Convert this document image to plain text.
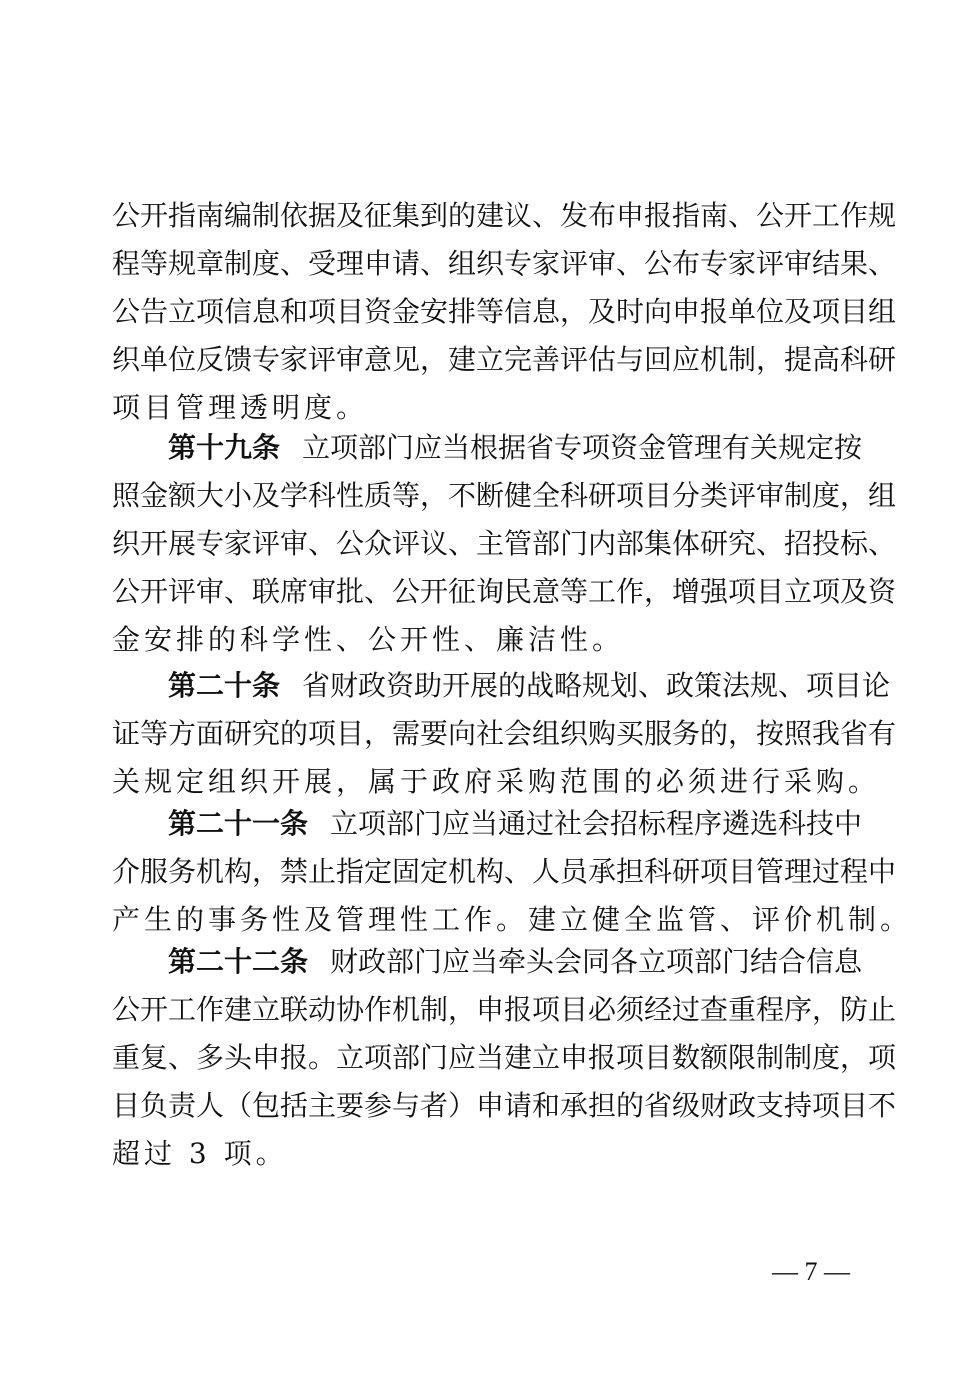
公开指南编制依据及征集到的建议、发布申报指南、公开工作规
程等规章制度、受理申请、组织专家评审、公布专家评审结果、
公告立项信息和项目资金安排等信息，及时向申报单位及项目组
织单位反馈专家评审意见，建立完善评估与回应机制，提高科研
项目管理透明度。
第十九条 立项部门应当根据省专项资金管理有关规定按
照金额大小及学科性质等，不断健全科研项目分类评审制度，组
织开展专家评审、公众评议、主管部门内部集体研究、招投标、
公开评审、联席审批、公开征询民意等工作，增强项目立项及资
金安排的科学性、公开性、廉洁性。
第二十条 省财政资助开展的战略规划、政策法规、项目论
证等方面研究的项目，需要向社会组织购买服务的，按照我省有
关规定组织开展，属于政府采购范围的必须进行采购。
第二十一条 立项部门应当通过社会招标程序遴选科技中
介服务机构，禁止指定固定机构、人员承担科研项目管理过程中
产生的事务性及管理性工作。建立健全监管、评价机制。
第二十二条 财政部门应当牵头会同各立项部门结合信息
公开工作建立联动协作机制，申报项目必须经过查重程序，防止
重复、多头申报。立项部门应当建立申报项目数额限制制度，项
目负责人（包括主要参与者）申请和承担的省级财政支持项目不
超过 3 项。
— 7 —
